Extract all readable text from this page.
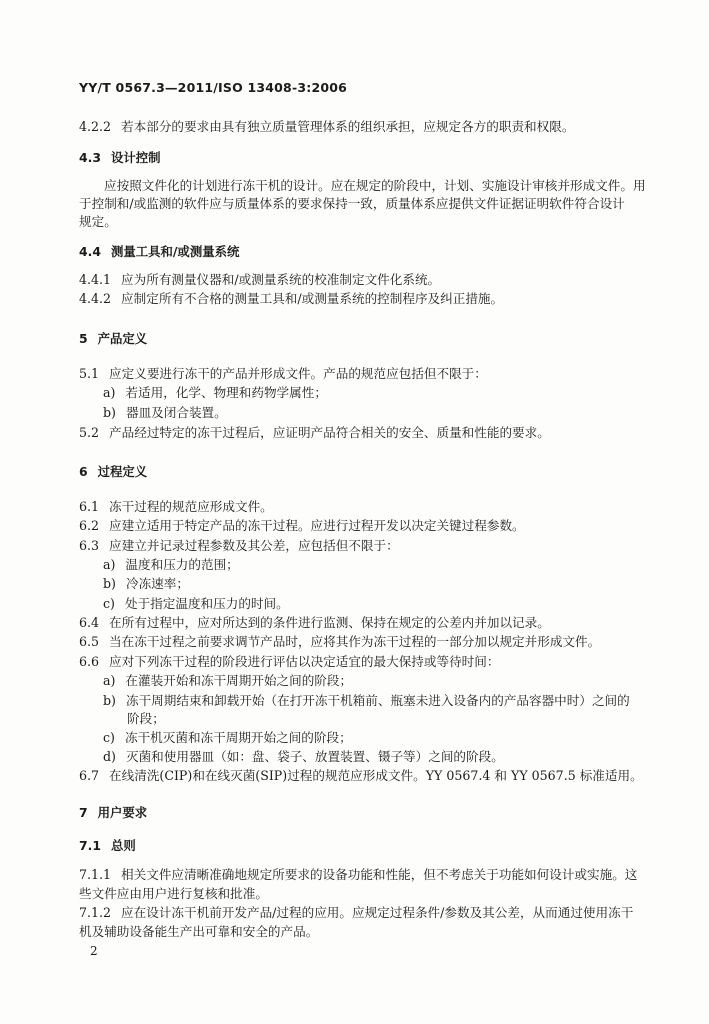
YY/T 0567.3—2011/ISO 13408-3:2006
4.2.2 若本部分的要求由具有独立质量管理体系的组织承担，应规定各方的职责和权限。
4.3 设计控制
应按照文件化的计划进行冻干机的设计。应在规定的阶段中，计划、实施设计审核并形成文件。用
于控制和/或监测的软件应与质量体系的要求保持一致，质量体系应提供文件证据证明软件符合设计
规定。
4.4 测量工具和/或测量系统
4.4.1 应为所有测量仪器和/或测量系统的校准制定文件化系统。
4.4.2 应制定所有不合格的测量工具和/或测量系统的控制程序及纠正措施。
5 产品定义
5.1 应定义要进行冻干的产品并形成文件。产品的规范应包括但不限于：
a) 若适用，化学、物理和药物学属性；
b) 器皿及闭合装置。
5.2 产品经过特定的冻干过程后，应证明产品符合相关的安全、质量和性能的要求。
6 过程定义
6.1 冻干过程的规范应形成文件。
6.2 应建立适用于特定产品的冻干过程。应进行过程开发以决定关键过程参数。
6.3 应建立并记录过程参数及其公差，应包括但不限于：
a) 温度和压力的范围；
b) 冷冻速率；
c) 处于指定温度和压力的时间。
6.4 在所有过程中，应对所达到的条件进行监测、保持在规定的公差内并加以记录。
6.5 当在冻干过程之前要求调节产品时，应将其作为冻干过程的一部分加以规定并形成文件。
6.6 应对下列冻干过程的阶段进行评估以决定适宜的最大保持或等待时间：
a) 在灌装开始和冻干周期开始之间的阶段；
b) 冻干周期结束和卸载开始（在打开冻干机箱前、瓶塞未进入设备内的产品容器中时）之间的
阶段；
c) 冻干机灭菌和冻干周期开始之间的阶段；
d) 灭菌和使用器皿（如：盘、袋子、放置装置、镊子等）之间的阶段。
6.7 在线清洗(CIP)和在线灭菌(SIP)过程的规范应形成文件。YY 0567.4 和 YY 0567.5 标准适用。
7 用户要求
7.1 总则
7.1.1 相关文件应清晰准确地规定所要求的设备功能和性能，但不考虑关于功能如何设计或实施。这
些文件应由用户进行复核和批准。
7.1.2 应在设计冻干机前开发产品/过程的应用。应规定过程条件/参数及其公差，从而通过使用冻干
机及辅助设备能生产出可靠和安全的产品。
2
